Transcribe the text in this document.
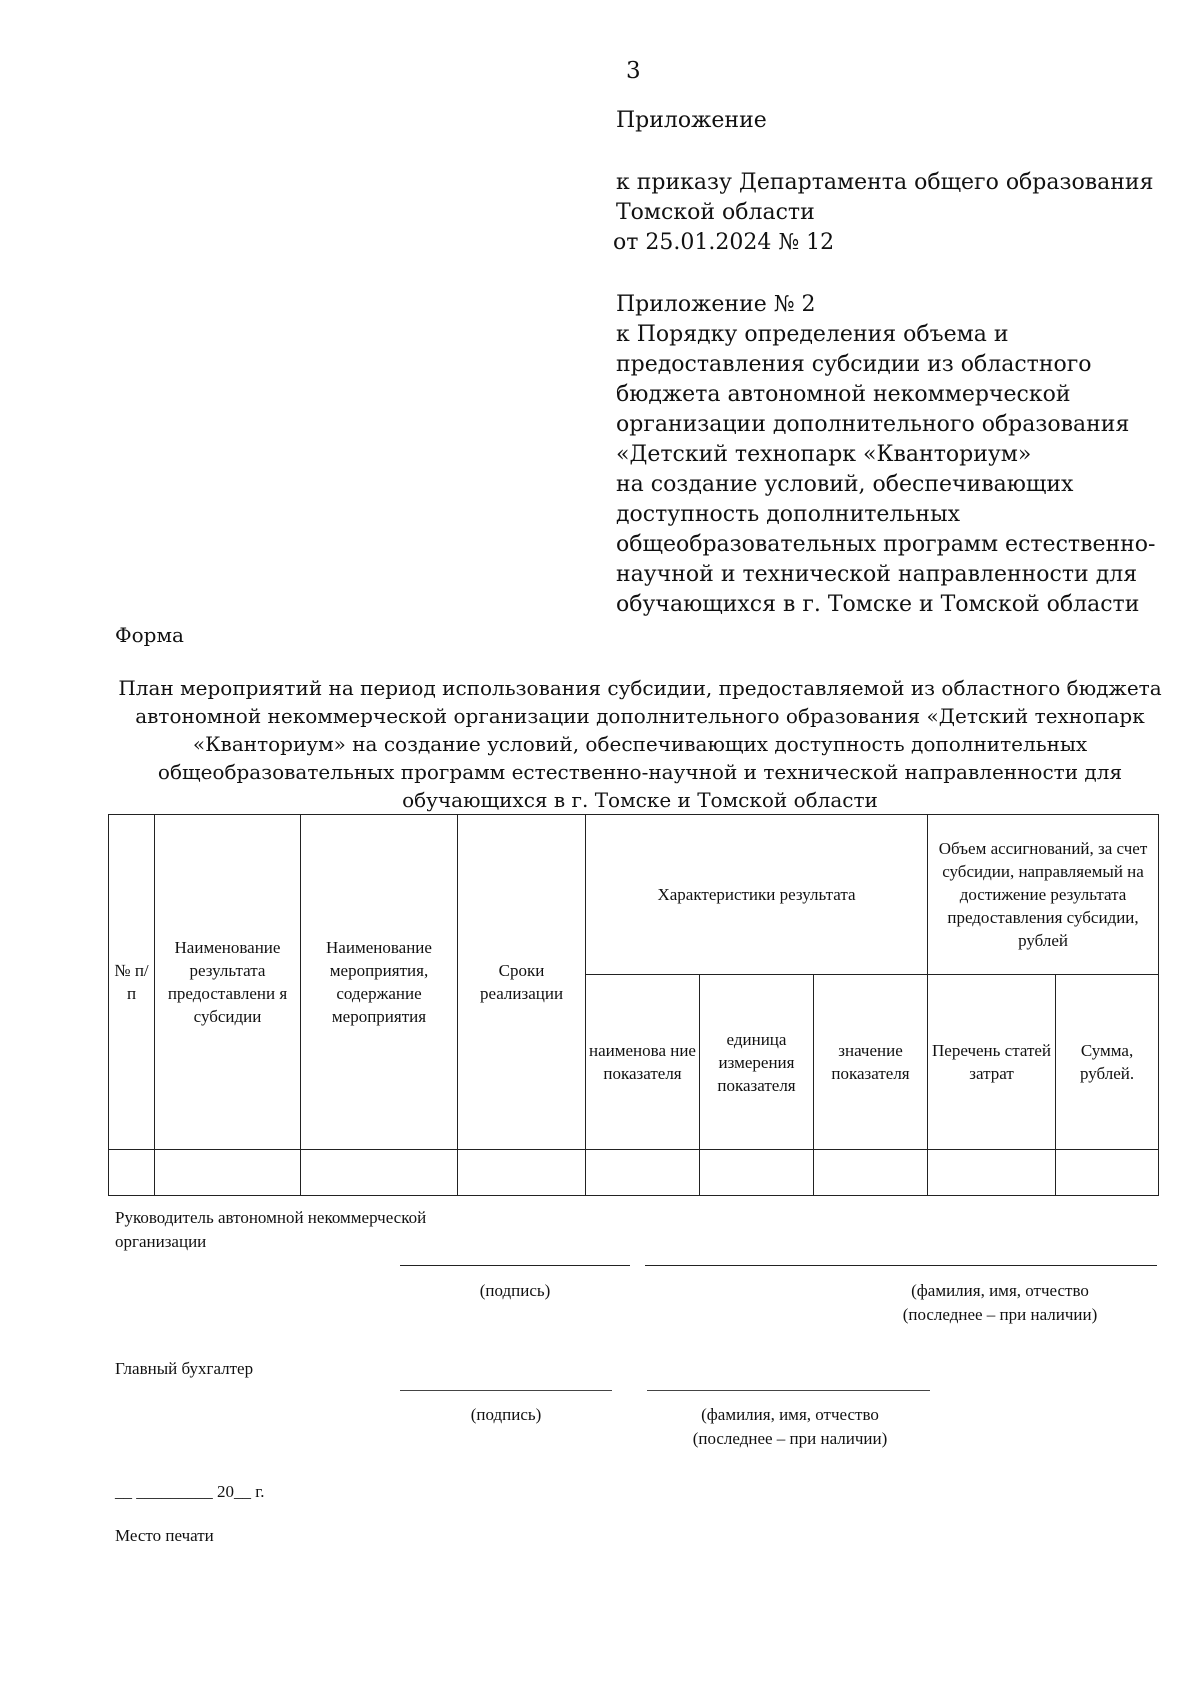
3
Приложение
к приказу Департамента общего образования
Томской области
от 25.01.2024 № 12
Приложение № 2
к Порядку определения объема и
предоставления субсидии из областного
бюджета автономной некоммерческой
организации дополнительного образования
«Детский технопарк «Кванториум»
на создание условий, обеспечивающих
доступность дополнительных
общеобразовательных программ естественно-
научной и технической направленности для
обучающихся в г. Томске и Томской области
Форма
План мероприятий на период использования субсидии, предоставляемой из областного бюджета
автономной некоммерческой организации дополнительного образования «Детский технопарк
«Кванториум» на создание условий, обеспечивающих доступность дополнительных
общеобразовательных программ естественно-научной и технической направленности для
обучающихся в г. Томске и Томской области
№ п/п	Наименование результата предоставлени я субсидии	Наименование мероприятия, содержание мероприятия	Сроки реализации	Характеристики результата			Объем ассигнований, за счет субсидии, направляемый на достижение результата предоставления субсидии, рублей	
				наименова ние показателя	единица измерения показателя	значение показателя	Перечень статей затрат	Сумма, рублей.

Руководитель автономной некоммерческой
организации
(подпись)	(фамилия, имя, отчество
(последнее – при наличии)
Главный бухгалтер
(подпись)	(фамилия, имя, отчество
(последнее – при наличии)
__ _________ 20__ г.
Место печати
